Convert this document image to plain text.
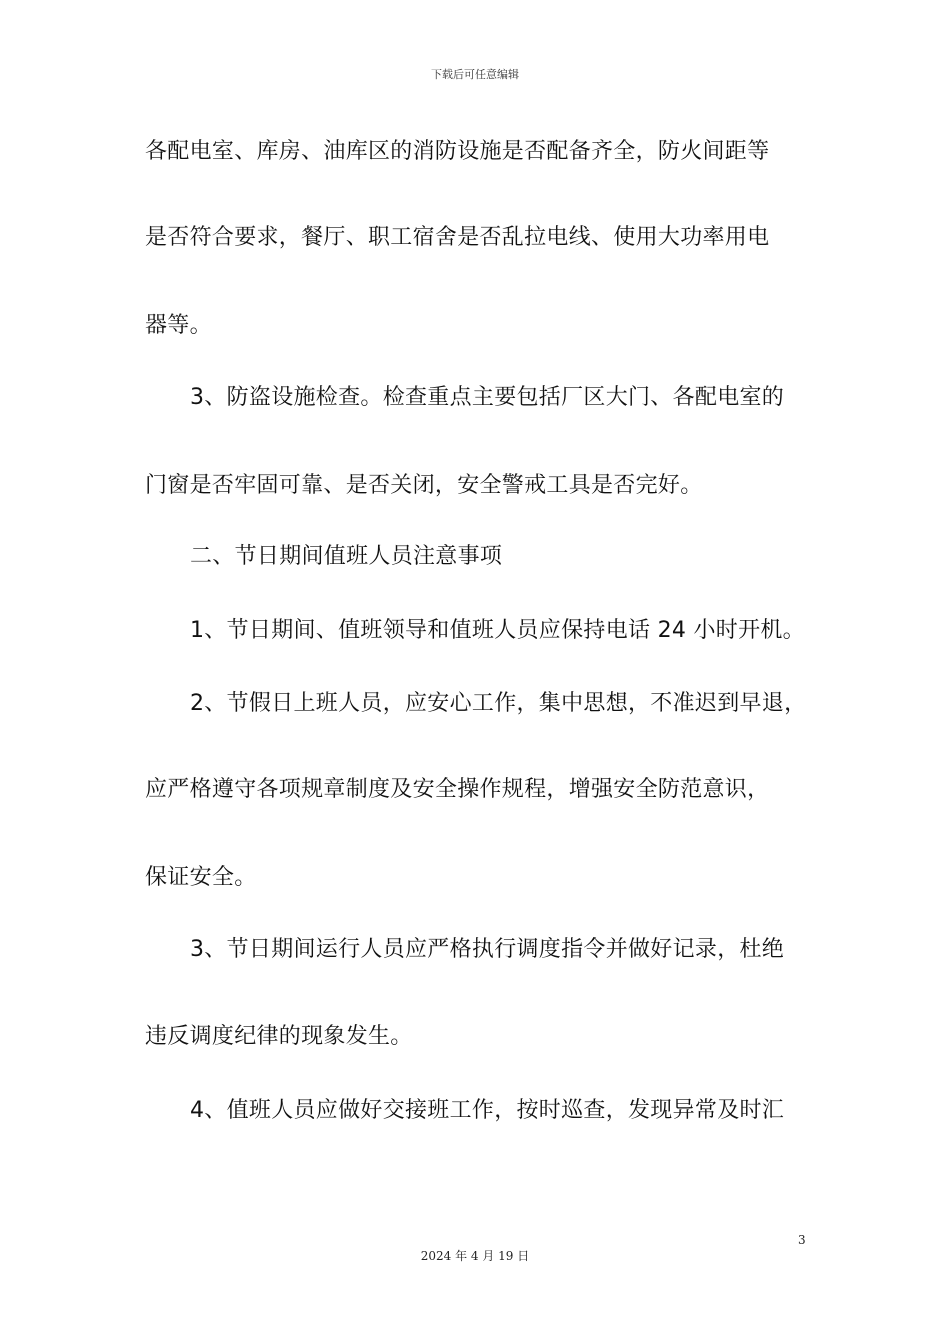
下载后可任意编辑
各配电室、库房、油库区的消防设施是否配备齐全，防火间距等
是否符合要求，餐厅、职工宿舍是否乱拉电线、使用大功率用电
器等。
3、防盗设施检查。检查重点主要包括厂区大门、各配电室的
门窗是否牢固可靠、是否关闭，安全警戒工具是否完好。
二、节日期间值班人员注意事项
1、节日期间、值班领导和值班人员应保持电话 24 小时开机。
2、节假日上班人员，应安心工作，集中思想，不准迟到早退，
应严格遵守各项规章制度及安全操作规程，增强安全防范意识，
保证安全。
3、节日期间运行人员应严格执行调度指令并做好记录，杜绝
违反调度纪律的现象发生。
4、值班人员应做好交接班工作，按时巡查，发现异常及时汇
3
2024 年 4 月 19 日
